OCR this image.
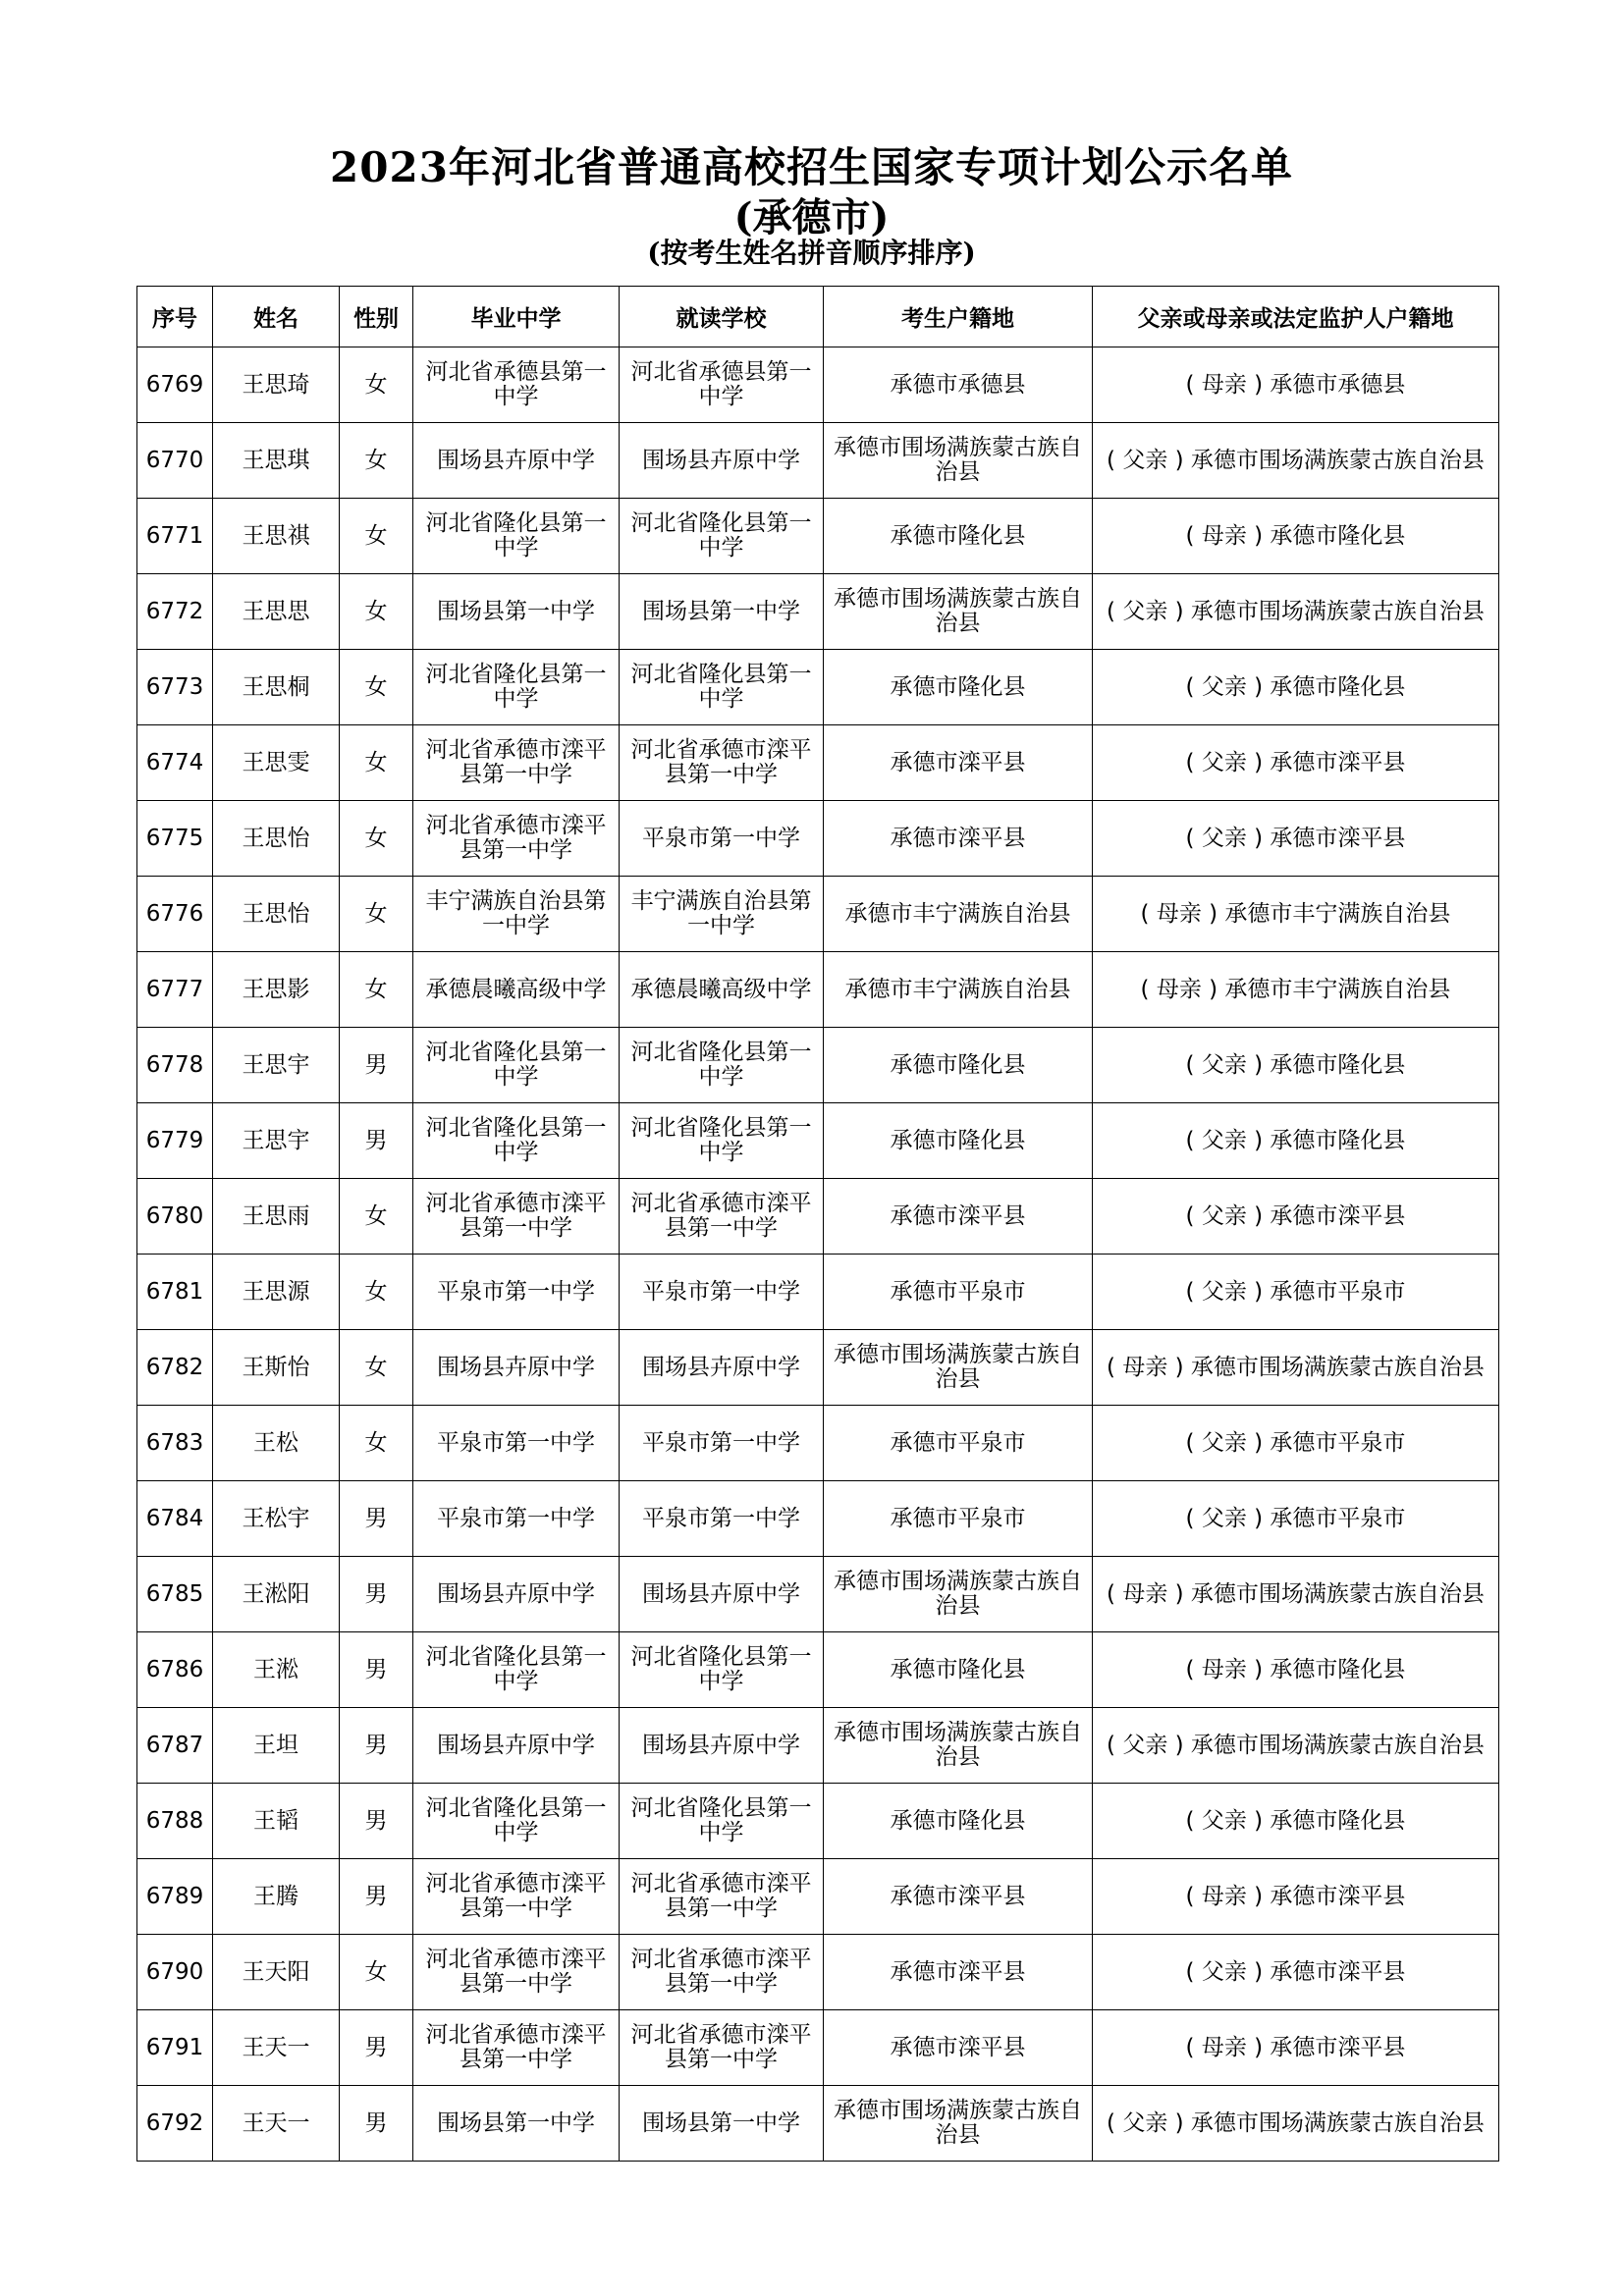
2023年河北省普通高校招生国家专项计划公示名单
(承德市)
(按考生姓名拼音顺序排序)
序号	姓名	性别	毕业中学	就读学校	考生户籍地	父亲或母亲或法定监护人户籍地
6769	王思琦	女	河北省承德县第一中学	河北省承德县第一中学	承德市承德县	( 母亲 ) 承德市承德县
6770	王思琪	女	围场县卉原中学	围场县卉原中学	承德市围场满族蒙古族自治县	( 父亲 ) 承德市围场满族蒙古族自治县
6771	王思祺	女	河北省隆化县第一中学	河北省隆化县第一中学	承德市隆化县	( 母亲 ) 承德市隆化县
6772	王思思	女	围场县第一中学	围场县第一中学	承德市围场满族蒙古族自治县	( 父亲 ) 承德市围场满族蒙古族自治县
6773	王思桐	女	河北省隆化县第一中学	河北省隆化县第一中学	承德市隆化县	( 父亲 ) 承德市隆化县
6774	王思雯	女	河北省承德市滦平县第一中学	河北省承德市滦平县第一中学	承德市滦平县	( 父亲 ) 承德市滦平县
6775	王思怡	女	河北省承德市滦平县第一中学	平泉市第一中学	承德市滦平县	( 父亲 ) 承德市滦平县
6776	王思怡	女	丰宁满族自治县第一中学	丰宁满族自治县第一中学	承德市丰宁满族自治县	( 母亲 ) 承德市丰宁满族自治县
6777	王思影	女	承德晨曦高级中学	承德晨曦高级中学	承德市丰宁满族自治县	( 母亲 ) 承德市丰宁满族自治县
6778	王思宇	男	河北省隆化县第一中学	河北省隆化县第一中学	承德市隆化县	( 父亲 ) 承德市隆化县
6779	王思宇	男	河北省隆化县第一中学	河北省隆化县第一中学	承德市隆化县	( 父亲 ) 承德市隆化县
6780	王思雨	女	河北省承德市滦平县第一中学	河北省承德市滦平县第一中学	承德市滦平县	( 父亲 ) 承德市滦平县
6781	王思源	女	平泉市第一中学	平泉市第一中学	承德市平泉市	( 父亲 ) 承德市平泉市
6782	王斯怡	女	围场县卉原中学	围场县卉原中学	承德市围场满族蒙古族自治县	( 母亲 ) 承德市围场满族蒙古族自治县
6783	王松	女	平泉市第一中学	平泉市第一中学	承德市平泉市	( 父亲 ) 承德市平泉市
6784	王松宇	男	平泉市第一中学	平泉市第一中学	承德市平泉市	( 父亲 ) 承德市平泉市
6785	王淞阳	男	围场县卉原中学	围场县卉原中学	承德市围场满族蒙古族自治县	( 母亲 ) 承德市围场满族蒙古族自治县
6786	王淞	男	河北省隆化县第一中学	河北省隆化县第一中学	承德市隆化县	( 母亲 ) 承德市隆化县
6787	王坦	男	围场县卉原中学	围场县卉原中学	承德市围场满族蒙古族自治县	( 父亲 ) 承德市围场满族蒙古族自治县
6788	王韬	男	河北省隆化县第一中学	河北省隆化县第一中学	承德市隆化县	( 父亲 ) 承德市隆化县
6789	王腾	男	河北省承德市滦平县第一中学	河北省承德市滦平县第一中学	承德市滦平县	( 母亲 ) 承德市滦平县
6790	王天阳	女	河北省承德市滦平县第一中学	河北省承德市滦平县第一中学	承德市滦平县	( 父亲 ) 承德市滦平县
6791	王天一	男	河北省承德市滦平县第一中学	河北省承德市滦平县第一中学	承德市滦平县	( 母亲 ) 承德市滦平县
6792	王天一	男	围场县第一中学	围场县第一中学	承德市围场满族蒙古族自治县	( 父亲 ) 承德市围场满族蒙古族自治县
